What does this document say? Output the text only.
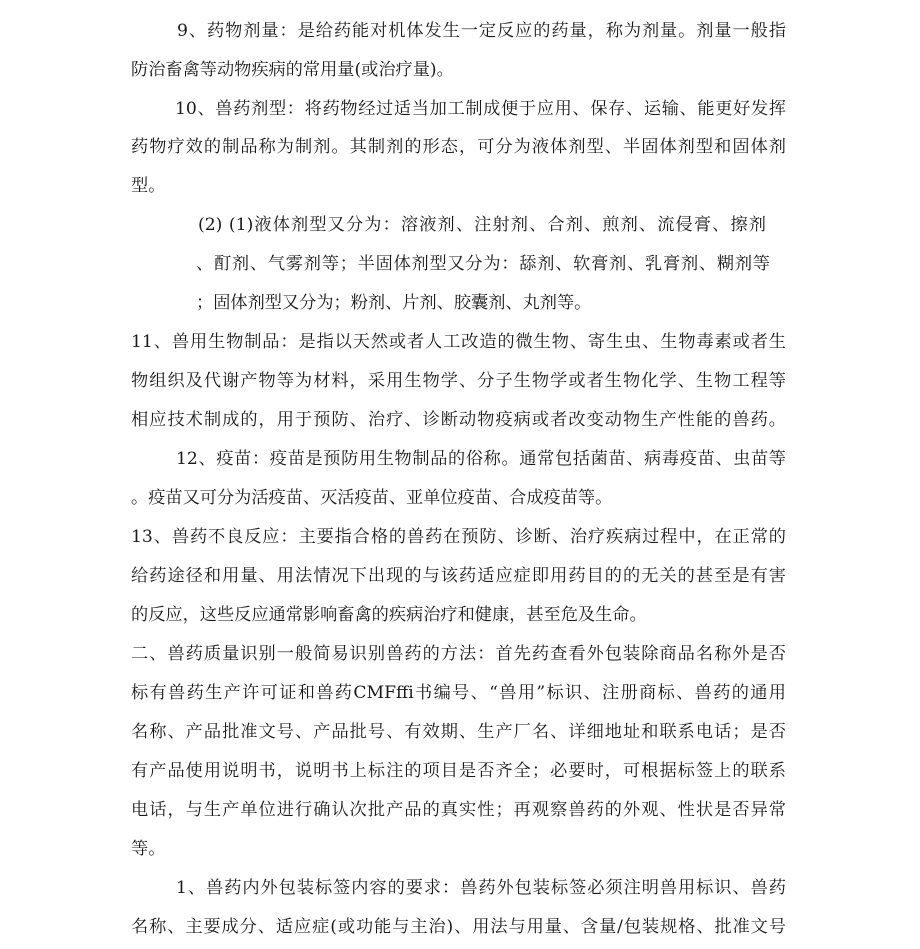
9、药物剂量：是给药能对机体发生一定反应的药量，称为剂量。剂量一般指
防治畜禽等动物疾病的常用量(或治疗量)。
10、兽药剂型：将药物经过适当加工制成便于应用、保存、运输、能更好发挥
药物疗效的制品称为制剂。其制剂的形态，可分为液体剂型、半固体剂型和固体剂
型。
(2) (1)液体剂型又分为：溶液剂、注射剂、合剂、煎剂、流侵膏、擦剂
、酊剂、气雾剂等；半固体剂型又分为：舔剂、软膏剂、乳膏剂、糊剂等
；固体剂型又分为；粉剂、片剂、胶囊剂、丸剂等。
11、兽用生物制品：是指以天然或者人工改造的微生物、寄生虫、生物毒素或者生
物组织及代谢产物等为材料，采用生物学、分子生物学或者生物化学、生物工程等
相应技术制成的，用于预防、治疗、诊断动物疫病或者改变动物生产性能的兽药。
12、疫苗：疫苗是预防用生物制品的俗称。通常包括菌苗、病毒疫苗、虫苗等
。疫苗又可分为活疫苗、灭活疫苗、亚单位疫苗、合成疫苗等。
13、兽药不良反应：主要指合格的兽药在预防、诊断、治疗疾病过程中，在正常的
给药途径和用量、用法情况下出现的与该药适应症即用药目的的无关的甚至是有害
的反应，这些反应通常影响畜禽的疾病治疗和健康，甚至危及生命。
二、兽药质量识别一般简易识别兽药的方法：首先药查看外包装除商品名称外是否
标有兽药生产许可证和兽药CMFffi书编号、“兽用”标识、注册商标、兽药的通用
名称、产品批准文号、产品批号、有效期、生产厂名、详细地址和联系电话；是否
有产品使用说明书，说明书上标注的项目是否齐全；必要时，可根据标签上的联系
电话，与生产单位进行确认次批产品的真实性；再观察兽药的外观、性状是否异常
等。
1、兽药内外包装标签内容的要求：兽药外包装标签必须注明兽用标识、兽药
名称、主要成分、适应症(或功能与主治)、用法与用量、含量/包装规格、批准文号
